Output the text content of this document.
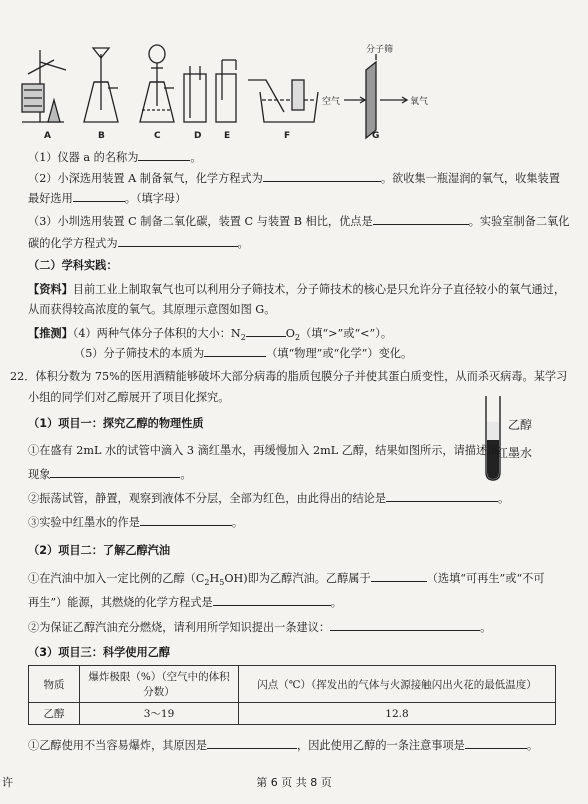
A	B	C	D	E	F	G
分子筛
空气	氧气
（1）仪器 a 的名称为	。
（2）小深选用装置 A 制备氧气，化学方程式为	。欲收集一瓶湿润的氧气，收集装置
最好选用	。（填字母）
（3）小圳选用装置 C 制备二氧化碳，装置 C 与装置 B 相比，优点是	。实验室制备二氧化
碳的化学方程式为	。
（二）学科实践：
【资料】目前工业上制取氧气也可以利用分子筛技术，分子筛技术的核心是只允许分子直径较小的氧气通过，
从而获得较高浓度的氧气。其原理示意图如图 G。
【推测】（4）两种气体分子体积的大小：$N_2$	$O_2$（填“>”或“<”）。
（5）分子筛技术的本质为	（填“物理”或“化学”）变化。
22．体积分数为 75%的医用酒精能够破坏大部分病毒的脂质包膜分子并使其蛋白质变性，从而杀灭病毒。某学习
小组的同学们对乙醇展开了项目化探究。
（1）项目一：探究乙醇的物理性质	乙醇
红墨水
①在盛有 2mL 水的试管中滴入 3 滴红墨水，再缓慢加入 2mL 乙醇，结果如图所示，请描述该
现象	。
②振荡试管，静置，观察到液体不分层，全部为红色，由此得出的结论是	。
③实验中红墨水的作是	。
（2）项目二：了解乙醇汽油
①在汽油中加入一定比例的乙醇$(C_2H_5OH)$即为乙醇汽油。乙醇属于	（选填“可再生”或“不可
再生”）能源，其燃烧的化学方程式是	。
②为保证乙醇汽油充分燃烧，请利用所学知识提出一条建议：	。
（3）项目三：科学使用乙醇
物质	爆炸极限（%）（空气中的体积分数）	闪点（℃）（挥发出的气体与火源接触闪出火花的最低温度）
乙醇	3～19	12.8
①乙醇使用不当容易爆炸，其原因是	，因此使用乙醇的一条注意事项是	。
许	第 6 页 共 8 页
